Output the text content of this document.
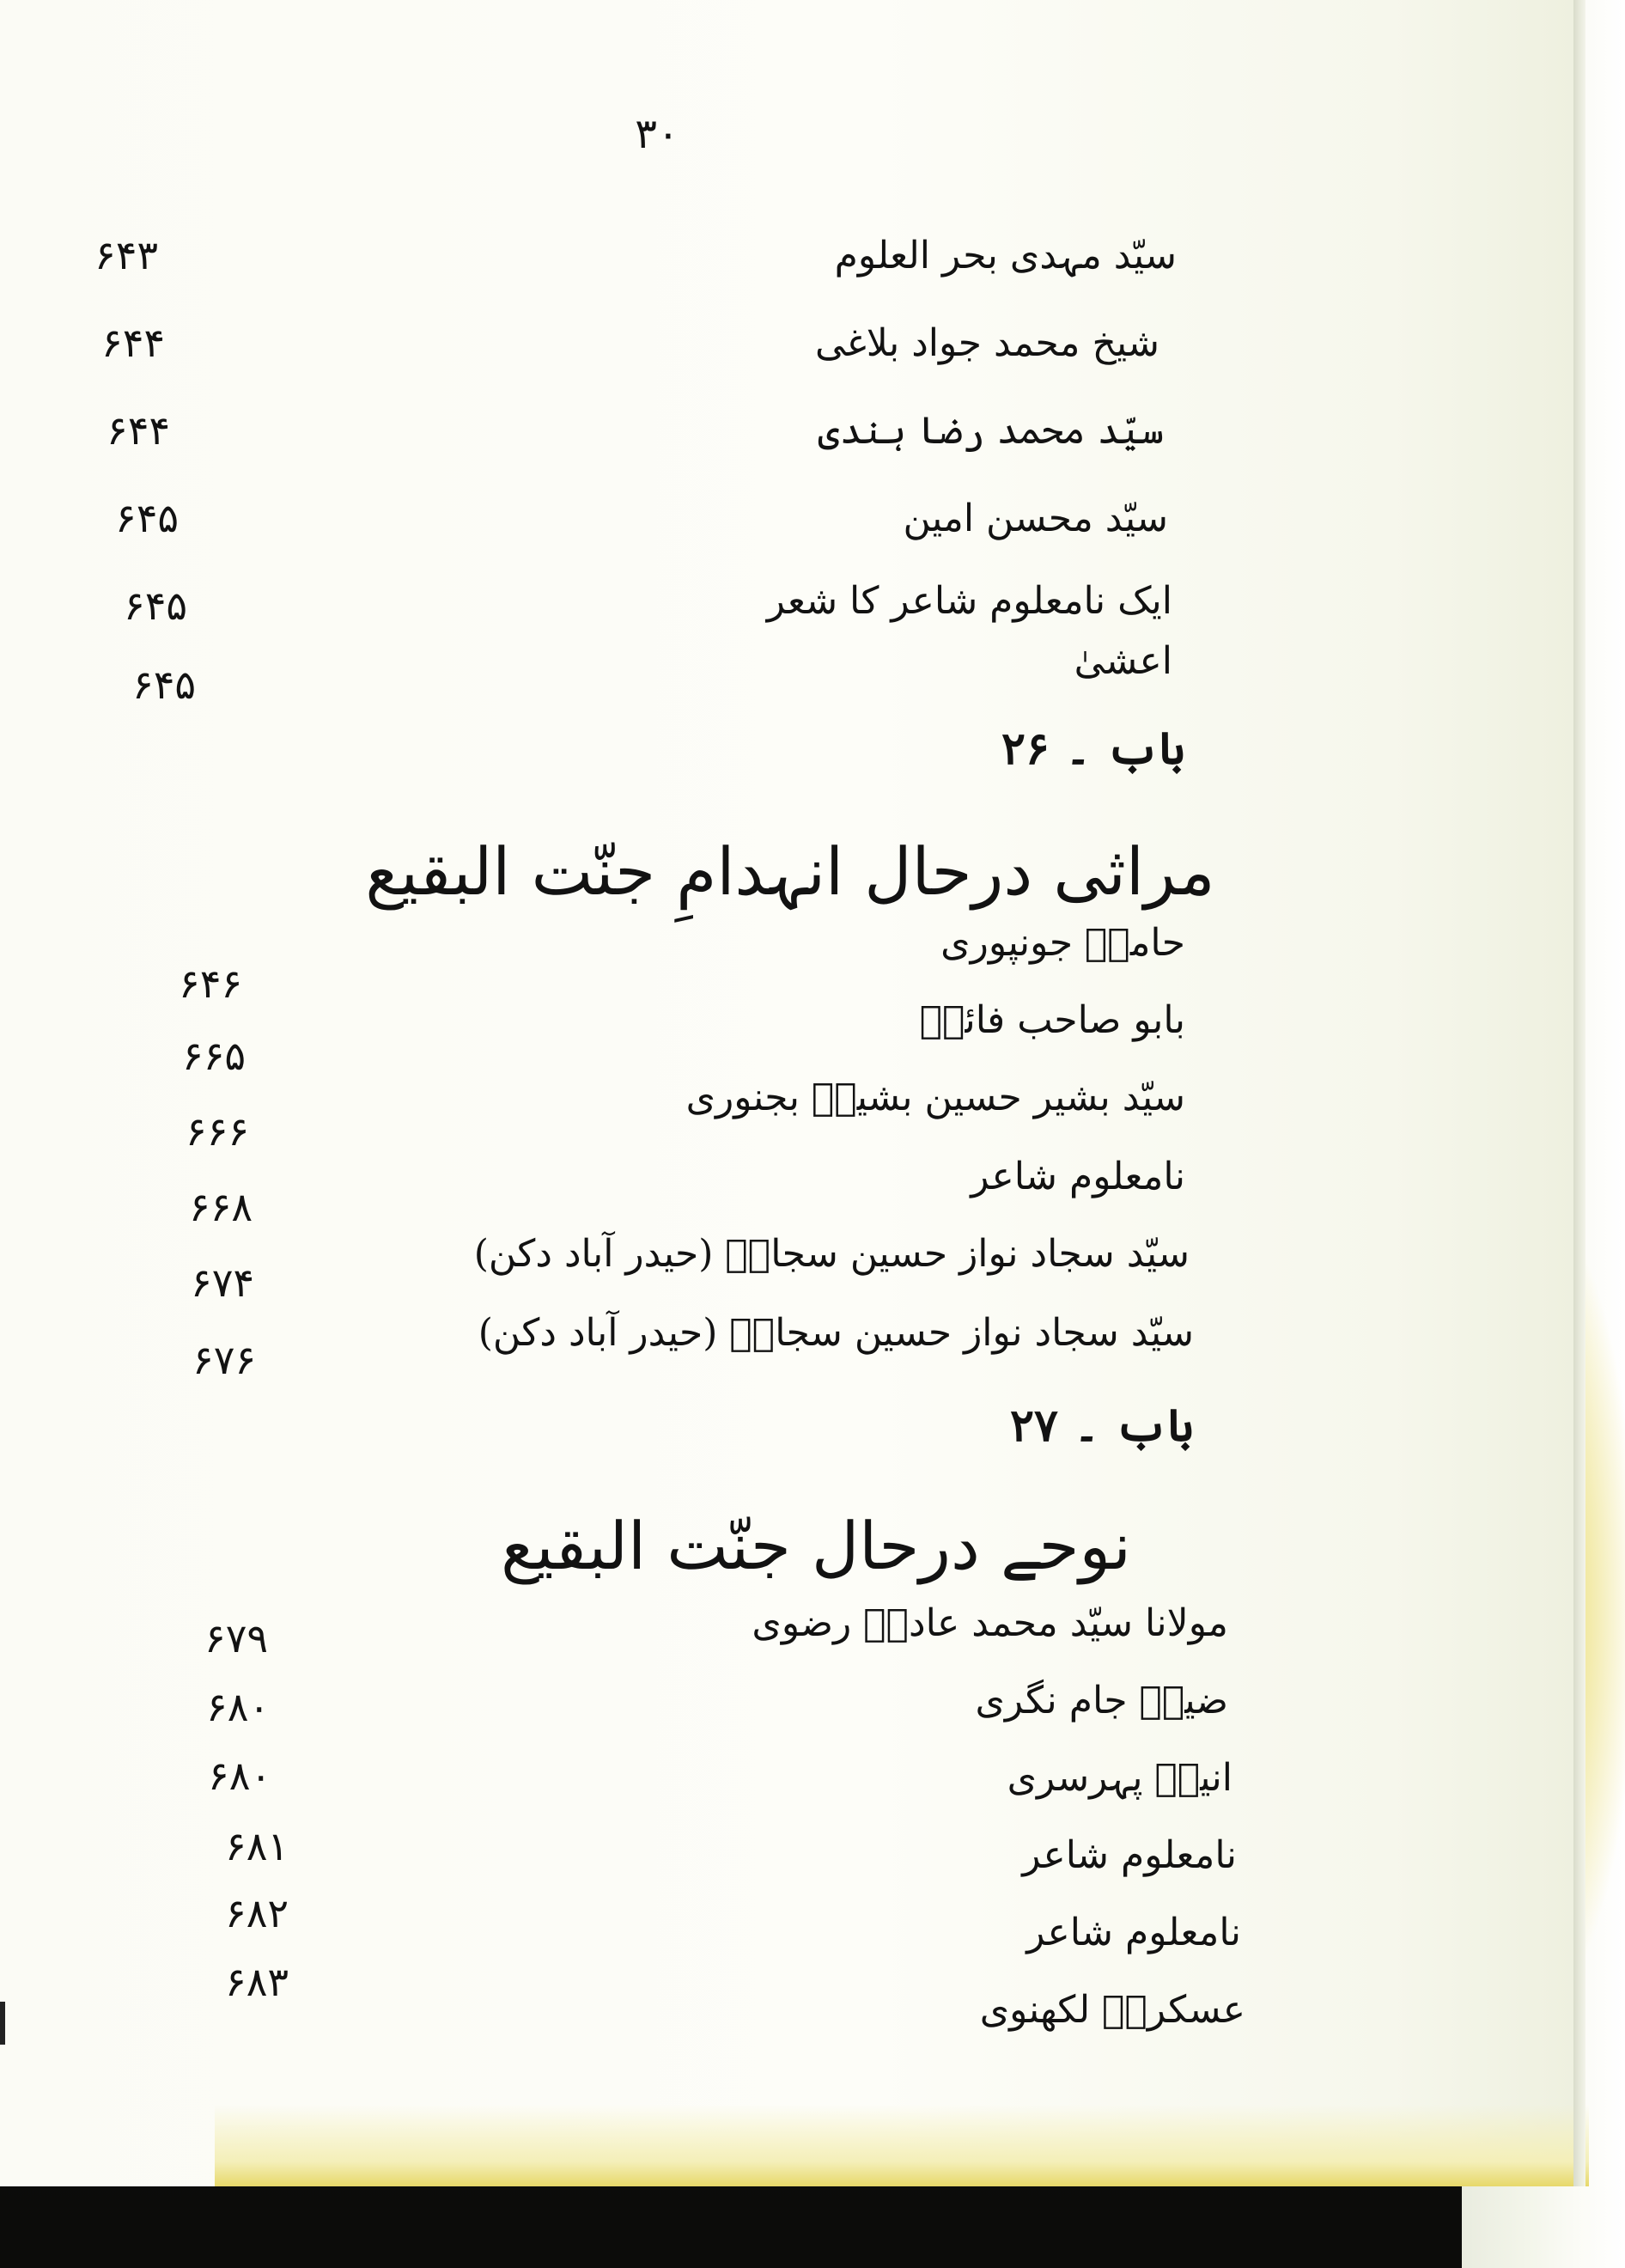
۳۰
سیّد مہدی بحر العلوم
۶۴۳
شیخ محمد جواد بلاغی
۶۴۴
سیّد محمد رضا ہندی
۶۴۴
سیّد محسن امین
۶۴۵
ایک نامعلوم شاعر کا شعر
۶۴۵
اعشیٰ
۶۴۵
باب ۔ ۲۶
مراثی درحال انہدامِ جنّت البقیع
حامدؔ جونپوری
۶۴۶
بابو صاحب فائقؔ
۶۶۵
سیّد بشیر حسین بشیرؔ بجنوری
۶۶۶
نامعلوم شاعر
۶۶۸
سیّد سجاد نواز حسین سجادؔ (حیدر آباد دکن)
۶۷۴
سیّد سجاد نواز حسین سجادؔ (حیدر آباد دکن)
۶۷۶
باب ۔ ۲۷
نوحے درحال جنّت البقیع
مولانا سیّد محمد عادلؔ رضوی
۶۷۹
ضیاؔ جام نگری
۶۸۰
انیسؔ پہرسری
۶۸۰
نامعلوم شاعر
۶۸۱
نامعلوم شاعر
۶۸۲
عسکریؔ لکھنوی
۶۸۳
